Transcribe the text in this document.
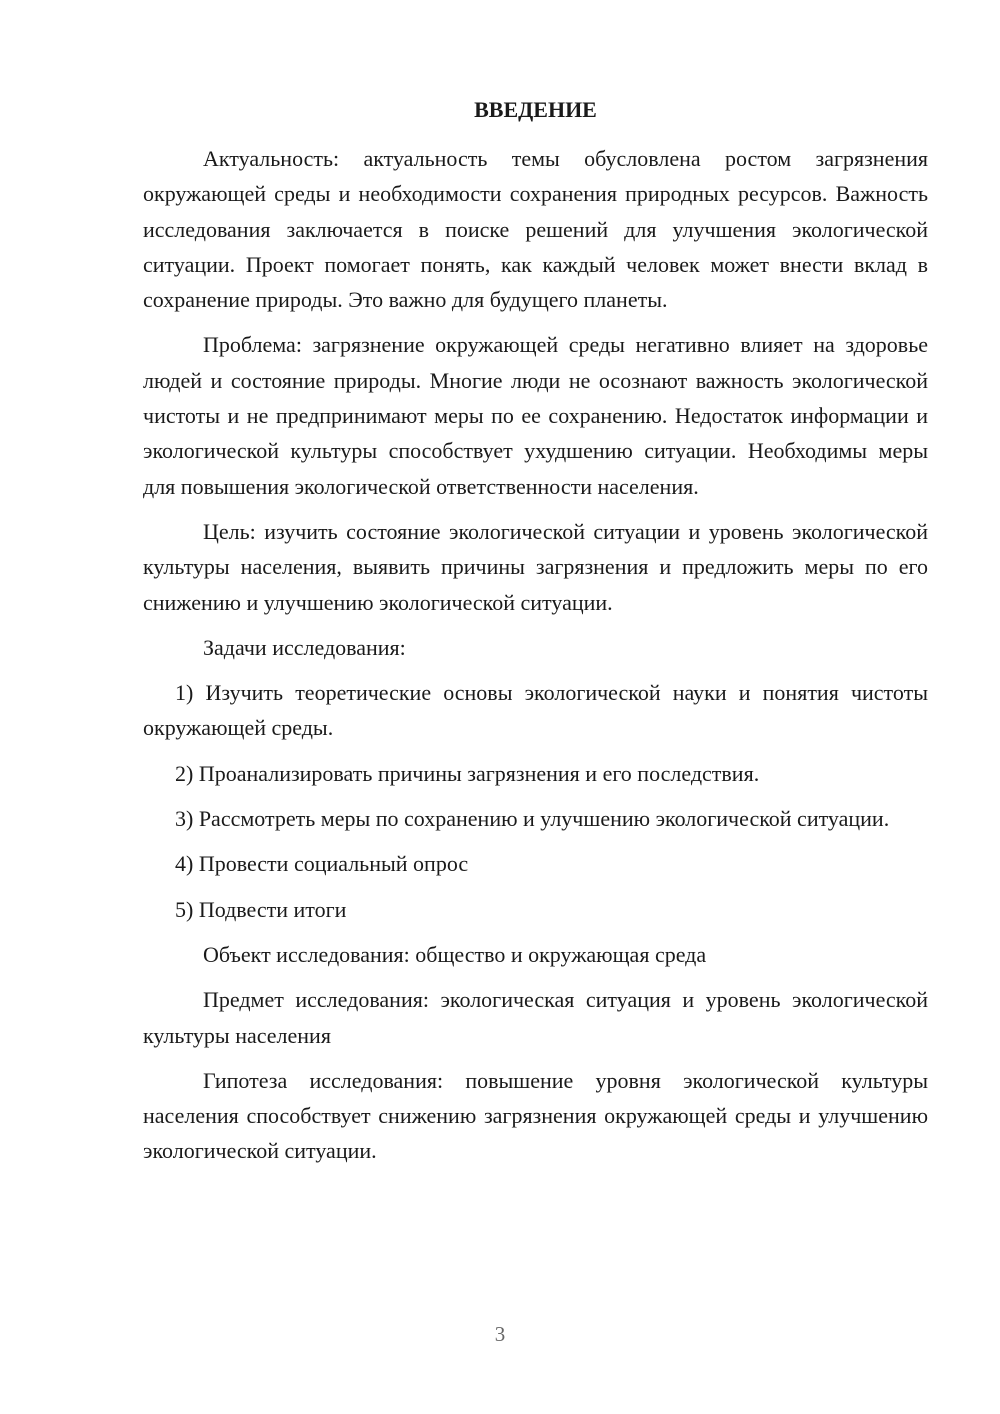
ВВЕДЕНИЕ

Актуальность: актуальность темы обусловлена ростом загрязнения окружающей среды и необходимости сохранения природных ресурсов. Важность исследования заключается в поиске решений для улучшения экологической ситуации. Проект помогает понять, как каждый человек может внести вклад в сохранение природы. Это важно для будущего планеты.

Проблема: загрязнение окружающей среды негативно влияет на здоровье людей и состояние природы. Многие люди не осознают важность экологической чистоты и не предпринимают меры по ее сохранению. Недостаток информации и экологической культуры способствует ухудшению ситуации. Необходимы меры для повышения экологической ответственности населения.

Цель: изучить состояние экологической ситуации и уровень экологической культуры населения, выявить причины загрязнения и предложить меры по его снижению и улучшению экологической ситуации.

Задачи исследования:

1) Изучить теоретические основы экологической науки и понятия чистоты окружающей среды.

2) Проанализировать причины загрязнения и его последствия.

3) Рассмотреть меры по сохранению и улучшению экологической ситуации.

4) Провести социальный опрос

5) Подвести итоги

Объект исследования: общество и окружающая среда

Предмет исследования: экологическая ситуация и уровень экологической культуры населения

Гипотеза исследования: повышение уровня экологической культуры населения способствует снижению загрязнения окружающей среды и улучшению экологической ситуации.

3
